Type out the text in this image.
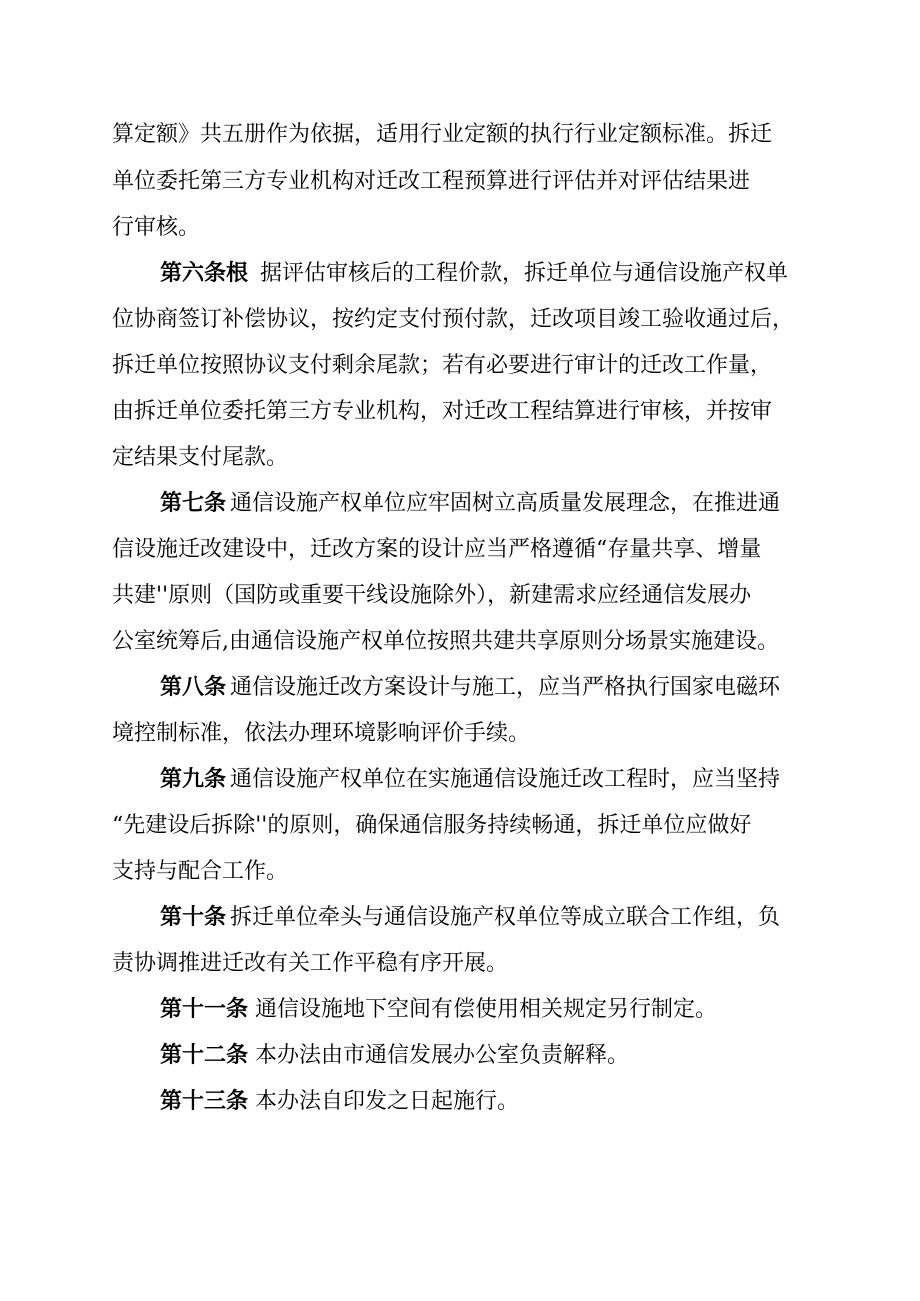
算定额》共五册作为依据，适用行业定额的执行行业定额标准。拆迁
单位委托第三方专业机构对迁改工程预算进行评估并对评估结果进
行审核。
第六条根 据评估审核后的工程价款，拆迁单位与通信设施产权单
位协商签订补偿协议，按约定支付预付款，迁改项目竣工验收通过后，
拆迁单位按照协议支付剩余尾款；若有必要进行审计的迁改工作量，
由拆迁单位委托第三方专业机构，对迁改工程结算进行审核，并按审
定结果支付尾款。
第七条 通信设施产权单位应牢固树立高质量发展理念，在推进通
信设施迁改建设中，迁改方案的设计应当严格遵循“存量共享、增量
共建''原则（国防或重要干线设施除外），新建需求应经通信发展办
公室统筹后,由通信设施产权单位按照共建共享原则分场景实施建设。
第八条 通信设施迁改方案设计与施工，应当严格执行国家电磁环
境控制标准，依法办理环境影响评价手续。
第九条 通信设施产权单位在实施通信设施迁改工程时，应当坚持
“先建设后拆除''的原则，确保通信服务持续畅通，拆迁单位应做好
支持与配合工作。
第十条 拆迁单位牵头与通信设施产权单位等成立联合工作组，负
责协调推进迁改有关工作平稳有序开展。
第十一条 通信设施地下空间有偿使用相关规定另行制定。
第十二条 本办法由市通信发展办公室负责解释。
第十三条 本办法自印发之日起施行。
